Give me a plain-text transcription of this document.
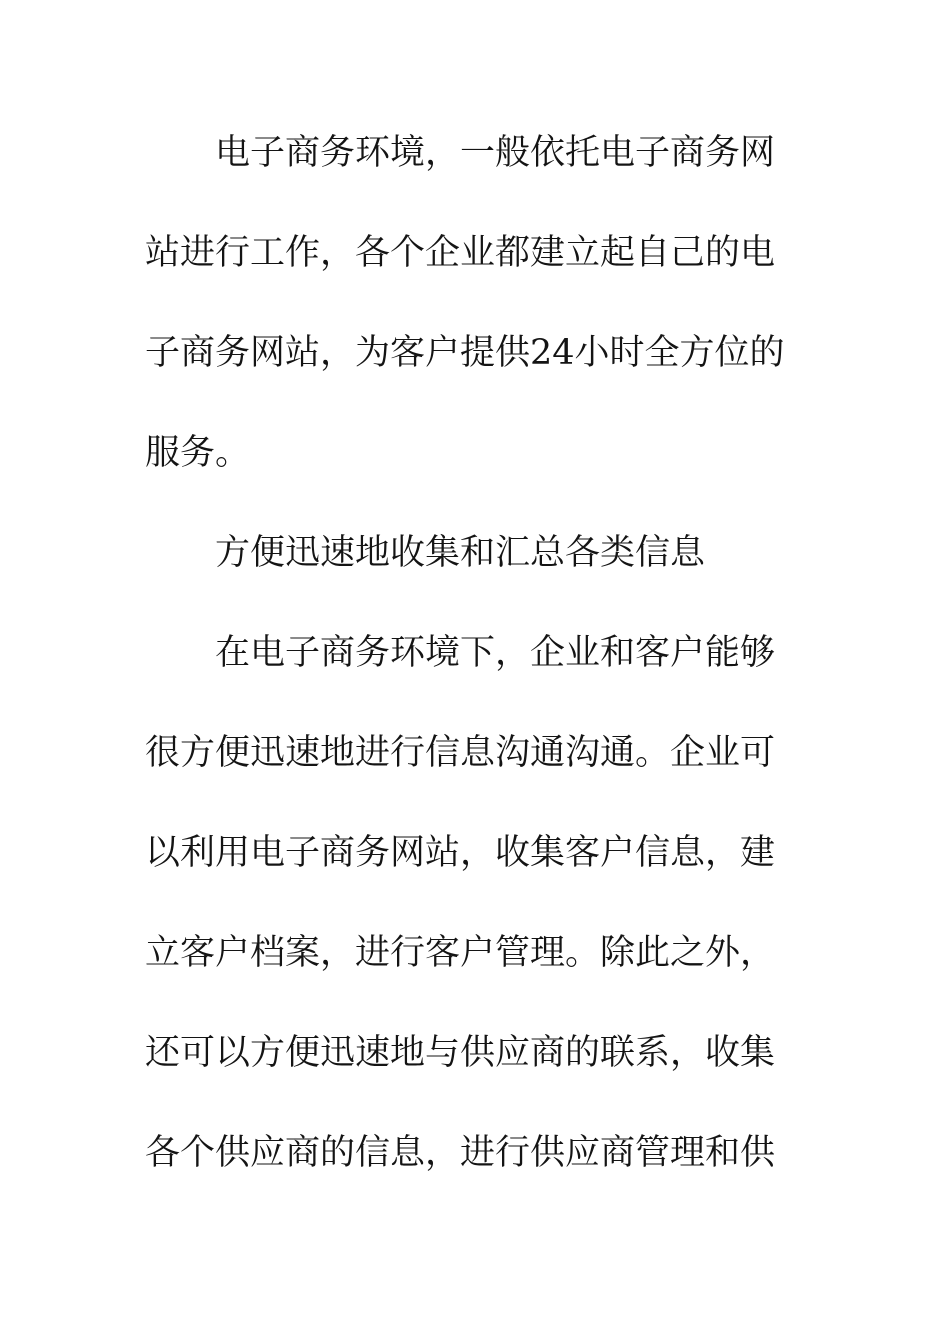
电子商务环境，一般依托电子商务网
站进行工作，各个企业都建立起自己的电
子商务网站，为客户提供24小时全方位的
服务。
方便迅速地收集和汇总各类信息
在电子商务环境下，企业和客户能够
很方便迅速地进行信息沟通沟通。企业可
以利用电子商务网站，收集客户信息，建
立客户档案，进行客户管理。除此之外，
还可以方便迅速地与供应商的联系，收集
各个供应商的信息，进行供应商管理和供
